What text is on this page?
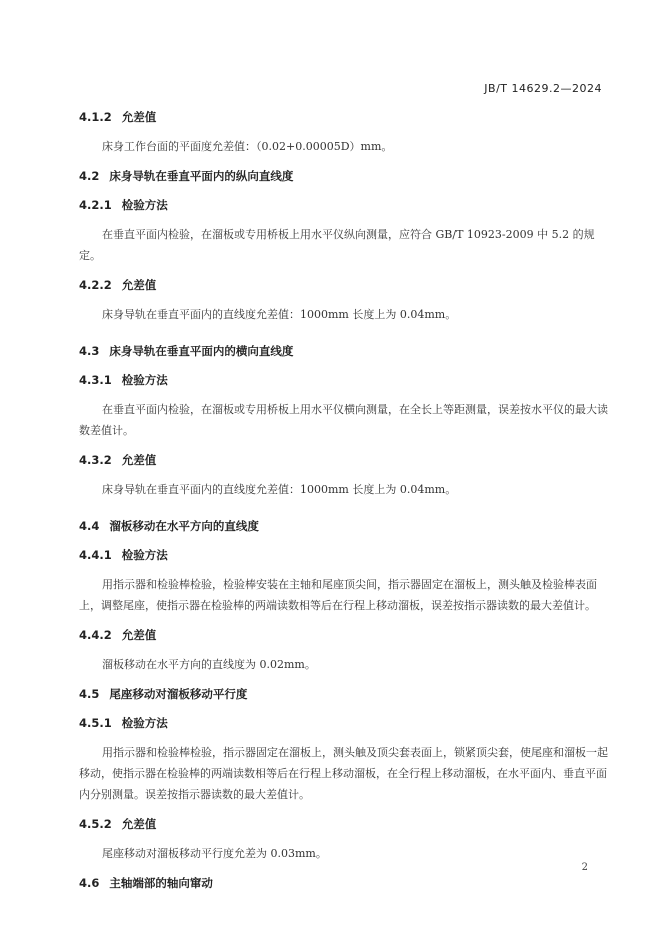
JB/T 14629.2—2024
4.1.2 允差值

床身工作台面的平面度允差值：（0.02+0.00005D）mm。

4.2 床身导轨在垂直平面内的纵向直线度
4.2.1 检验方法

在垂直平面内检验，在溜板或专用桥板上用水平仪纵向测量，应符合 GB/T 10923-2009 中 5.2 的规定。

4.2.2 允差值

床身导轨在垂直平面内的直线度允差值：1000mm 长度上为 0.04mm。

4.3 床身导轨在垂直平面内的横向直线度
4.3.1 检验方法

在垂直平面内检验，在溜板或专用桥板上用水平仪横向测量，在全长上等距测量，误差按水平仪的最大读数差值计。

4.3.2 允差值

床身导轨在垂直平面内的直线度允差值：1000mm 长度上为 0.04mm。

4.4 溜板移动在水平方向的直线度
4.4.1 检验方法

用指示器和检验棒检验，检验棒安装在主轴和尾座顶尖间，指示器固定在溜板上，测头触及检验棒表面上，调整尾座，使指示器在检验棒的两端读数相等后在行程上移动溜板，误差按指示器读数的最大差值计。

4.4.2 允差值

溜板移动在水平方向的直线度为 0.02mm。

4.5 尾座移动对溜板移动平行度
4.5.1 检验方法

用指示器和检验棒检验，指示器固定在溜板上，测头触及顶尖套表面上，锁紧顶尖套，使尾座和溜板一起移动，使指示器在检验棒的两端读数相等后在行程上移动溜板，在全行程上移动溜板，在水平面内、垂直平面内分别测量。误差按指示器读数的最大差值计。

4.5.2 允差值

尾座移动对溜板移动平行度允差为 0.03mm。

4.6 主轴端部的轴向窜动
2
